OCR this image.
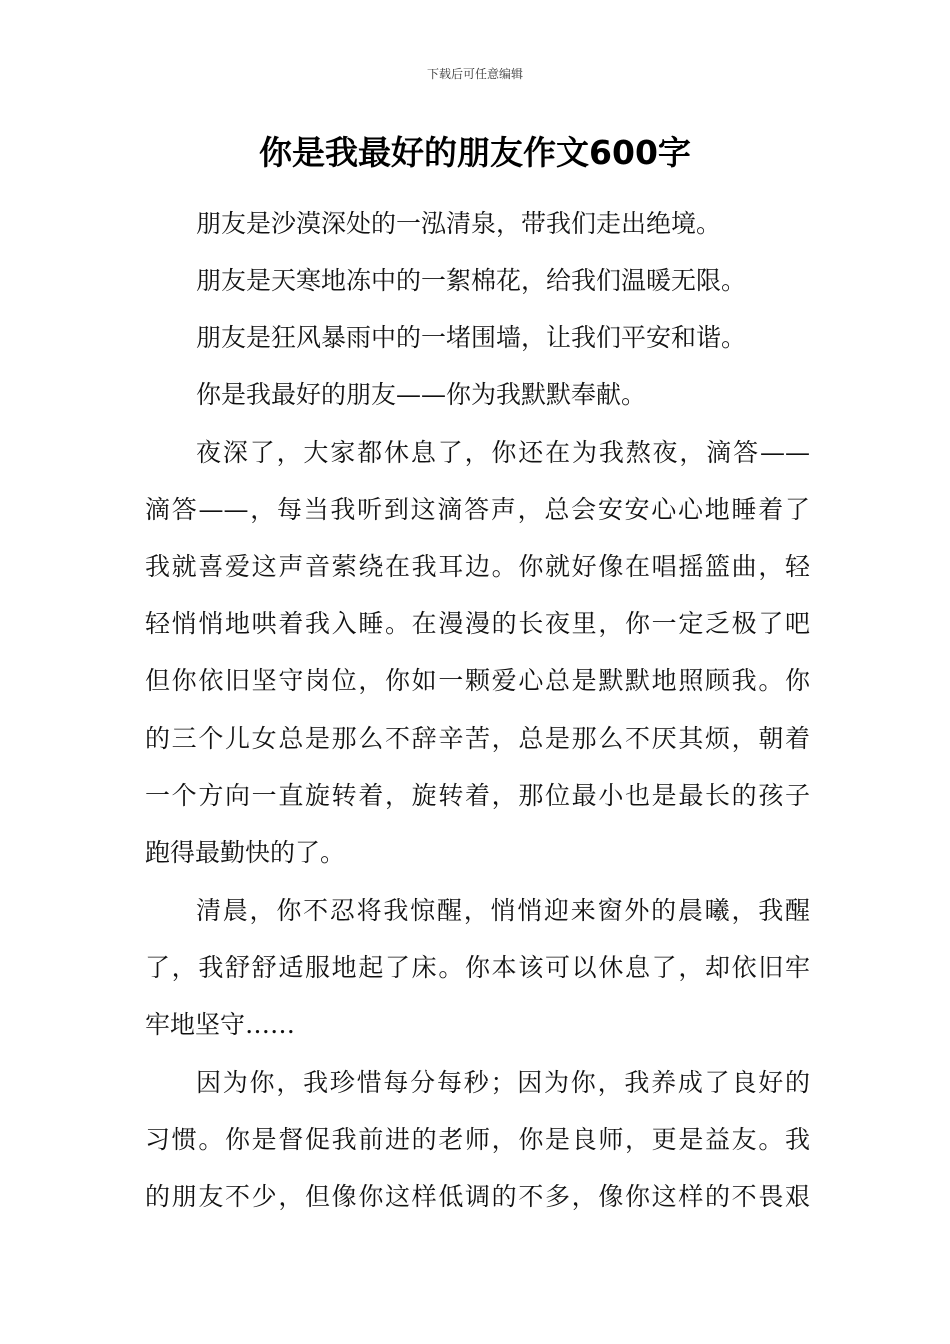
下载后可任意编辑
你是我最好的朋友作文600字
朋友是沙漠深处的一泓清泉，带我们走出绝境。
朋友是天寒地冻中的一絮棉花，给我们温暖无限。
朋友是狂风暴雨中的一堵围墙，让我们平安和谐。
你是我最好的朋友——你为我默默奉献。
夜深了，大家都休息了，你还在为我熬夜，滴答——
滴答——，每当我听到这滴答声，总会安安心心地睡着了
我就喜爱这声音萦绕在我耳边。你就好像在唱摇篮曲，轻
轻悄悄地哄着我入睡。在漫漫的长夜里，你一定乏极了吧
但你依旧坚守岗位，你如一颗爱心总是默默地照顾我。你
的三个儿女总是那么不辞辛苦，总是那么不厌其烦，朝着
一个方向一直旋转着，旋转着，那位最小也是最长的孩子
跑得最勤快的了。
清晨，你不忍将我惊醒，悄悄迎来窗外的晨曦，我醒
了，我舒舒适服地起了床。你本该可以休息了，却依旧牢
牢地坚守……
因为你，我珍惜每分每秒；因为你，我养成了良好的
习惯。你是督促我前进的老师，你是良师，更是益友。我
的朋友不少，但像你这样低调的不多，像你这样的不畏艰
